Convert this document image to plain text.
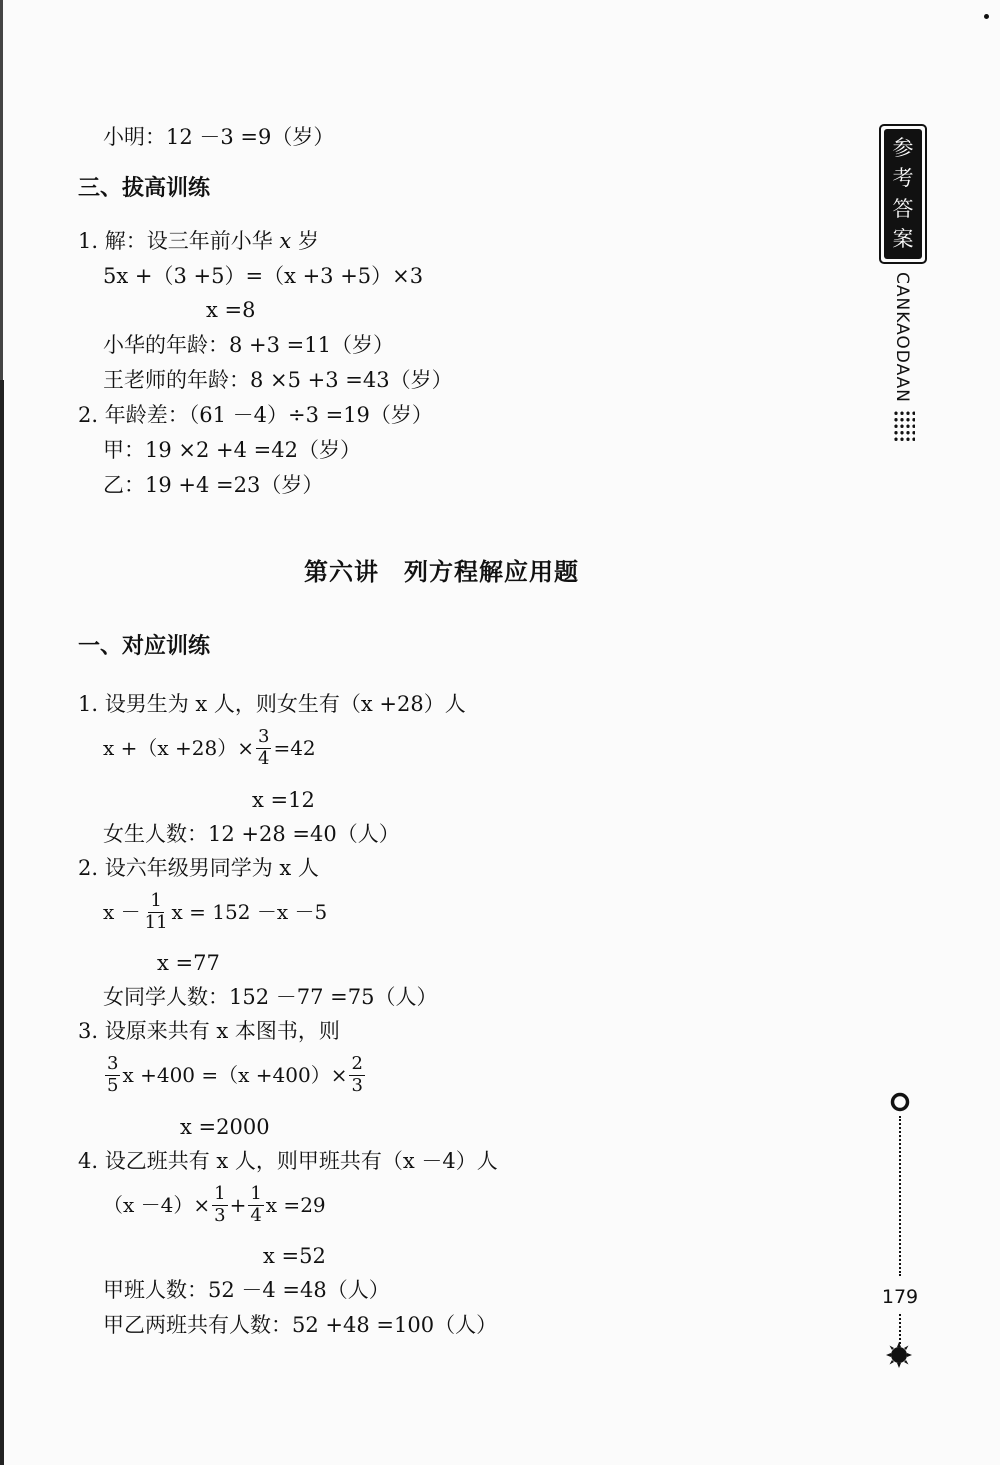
参
考
答
案
CANKAODAAN
179
小明：12 －3 =9（岁）
三、拔高训练
1. 解：设三年前小华 x 岁
5x +（3 +5）=（x +3 +5）×3
x =8
小华的年龄：8 +3 =11（岁）
王老师的年龄：8 ×5 +3 =43（岁）
2. 年龄差：（61 －4）÷3 =19（岁）
甲：19 ×2 +4 =42（岁）
乙：19 +4 =23（岁）
第六讲　列方程解应用题
一、对应训练
1. 设男生为 x 人，则女生有（x +28）人
$x +(x +28)\times \frac{3}{4} =42$
x =12
女生人数：12 +28 =40（人）
2. 设六年级男同学为 x 人
$x - \frac{1}{11}$ x = 152 －x －5
x =77
女同学人数：152 －77 =75（人）
3. 设原来共有 x 本图书，则
$\frac{3}{5}$ $x +400 =(x +400)\times \frac{2}{3}$
x =2000
4. 设乙班共有 x 人，则甲班共有（x －4）人
$(x -4)\times \frac{1}{3} + \frac{1}{4}$ x =29
x =52
甲班人数：52 －4 =48（人）
甲乙两班共有人数：52 +48 =100（人）
